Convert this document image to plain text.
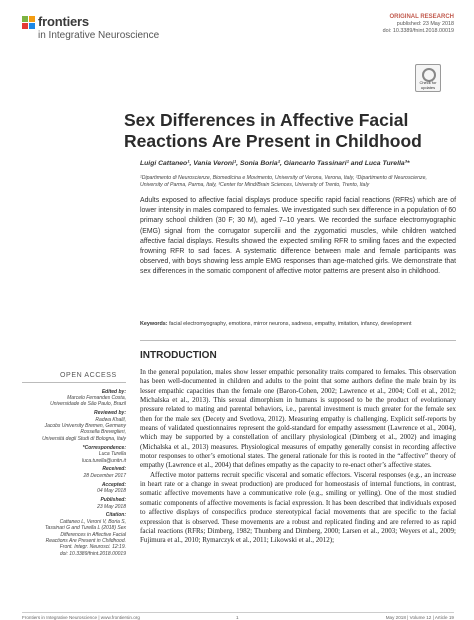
frontiers
in Integrative Neuroscience
ORIGINAL RESEARCH
published: 23 May 2018
doi: 10.3389/fnint.2018.00019
Check for updates
Sex Differences in Affective Facial Reactions Are Present in Childhood
Luigi Cattaneo¹, Vania Veroni¹, Sonia Boria², Giancarlo Tassinari¹ and Luca Turella³*
¹Dipartimento di Neuroscienze, Biomedicina e Movimento, University of Verona, Verona, Italy, ²Dipartimento di Neuroscienze,
University of Parma, Parma, Italy, ³Center for Mind/Brain Sciences, University of Trento, Trento, Italy
Adults exposed to affective facial displays produce specific rapid facial reactions (RFRs) which are of lower intensity in males compared to females. We investigated such sex difference in a population of 60 primary school children (30 F; 30 M), aged 7–10 years. We recorded the surface electromyographic (EMG) signal from the corrugator supercilii and the zygomatici muscles, while children watched affective facial displays. Results showed the expected smiling RFR to smiling faces and the expected frowning RFR to sad faces. A systematic difference between male and female participants was observed, with boys showing less ample EMG responses than age-matched girls. We demonstrate that sex differences in the somatic component of affective motor patterns are present also in childhood.
Keywords: facial electromyography, emotions, mirror neurons, sadness, empathy, imitation, infancy, development
OPEN ACCESS
Edited by:
Marcelo Fernandes Costa,
Universidade de São Paulo, Brazil
Reviewed by:
Radwa Khalil,
Jacobs University Bremen, Germany
Rossella Breveglieri,
Università degli Studi di Bologna, Italy
*Correspondence:
Luca Turella
luca.turella@unitn.it
Received:
28 December 2017
Accepted:
04 May 2018
Published:
23 May 2018
Citation:
Cattaneo L, Veroni V, Boria S,
Tassinari G and Turella L (2018) Sex
Differences in Affective Facial
Reactions Are Present in Childhood.
Front. Integr. Neurosci. 12:19.
doi: 10.3389/fnint.2018.00019
INTRODUCTION

In the general population, males show lesser empathic personality traits compared to females. This observation has been well-documented in children and adults to the point that some authors define the male brain by its lesser empathic capacities than the female one (Baron-Cohen, 2002; Lawrence et al., 2004; Coll et al., 2012; Michalska et al., 2013). This sexual dimorphism in humans is supposed to be the product of evolutionary pressure related to mating and parental behaviors, i.e., parental investment is much greater for the female sex then for the male sex (Decety and Svetlova, 2012). Measuring empathy is challenging. Explicit self-reports by means of validated questionnaires represent the gold-standard for empathy assessment (Lawrence et al., 2004), which may be supported by a constellation of ancillary physiological (Dimberg et al., 2002) and imaging (Michalska et al., 2013) measures. Physiological measures of empathy generally consist in recording affective motor responses to other’s emotional states. The general rationale for this is rooted in the “affective” theory of empathy (Lawrence et al., 2004) that defines empathy as the capacity to re-enact other’s affective states.

Affective motor patterns recruit specific visceral and somatic effectors. Visceral responses (e.g., an increase in heart rate or a change in sweat production) are produced for homeostasis of internal functions, in contrast, somatic affective movements have a communicative role (e.g., smiling or yelling). One of the most studied somatic components of affective movements is facial expression. It has been described that individuals exposed to affective displays of conspecifics produce stereotypical facial movements that are specific to the facial expression that is observed. These movements are a robust and replicated finding and are referred to as rapid facial reactions (RFRs; Dimberg, 1982; Thunberg and Dimberg, 2000; Larsen et al., 2003; Weyers et al., 2009; Fujimura et al., 2010; Rymarczyk et al., 2011; Likowski et al., 2012);

Frontiers in Integrative Neuroscience | www.frontiersin.org	1	May 2018 | Volume 12 | Article 19
